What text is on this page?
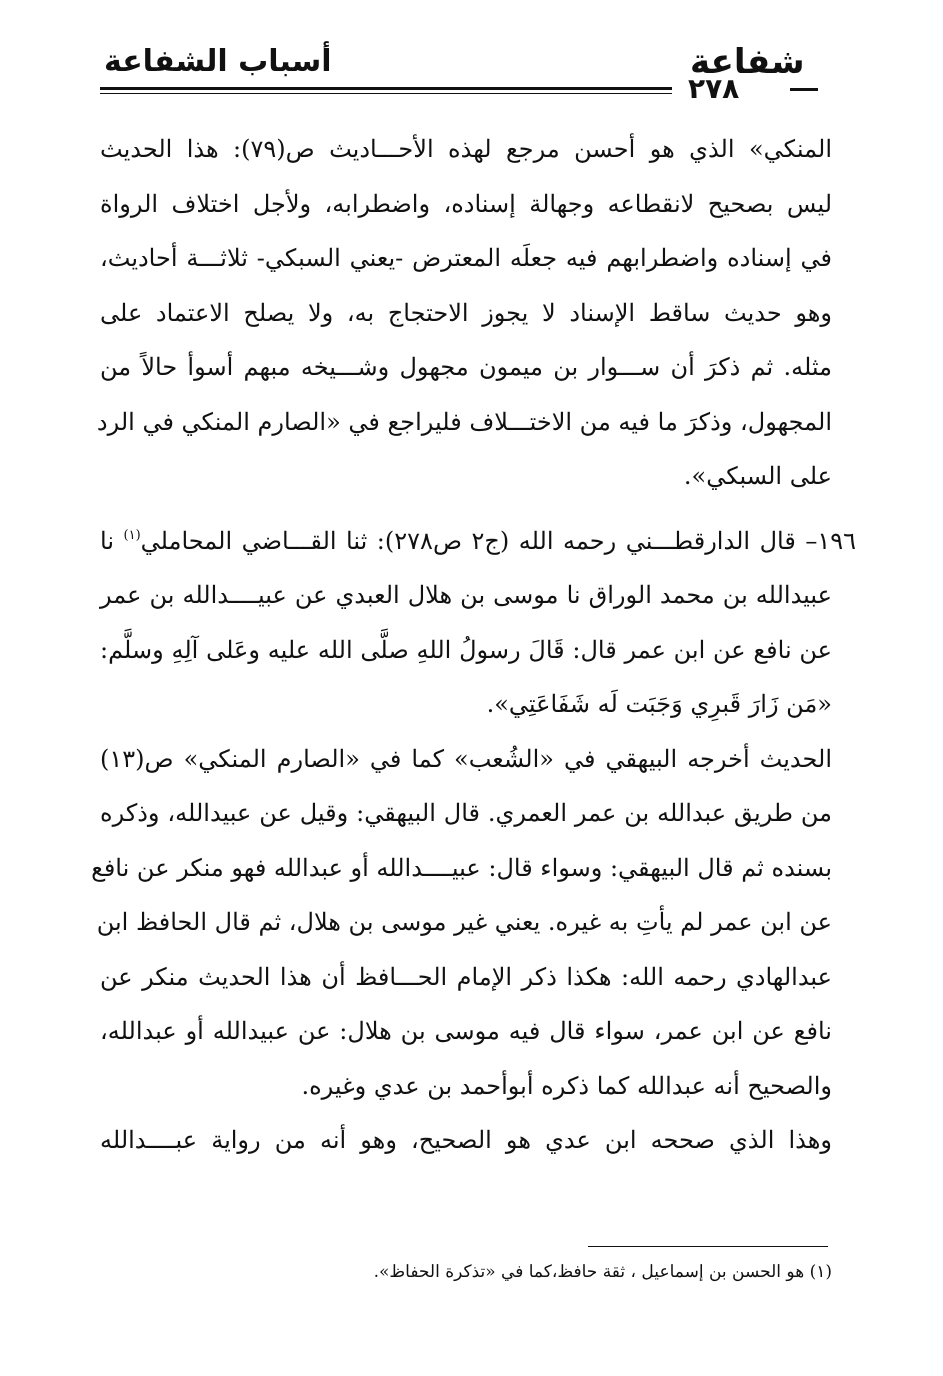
شفاعة
٢٧٨
أسباب الشفاعة
المنكي» الذي هو أحسن مرجع لهذه الأحـــاديث ص(٧٩): هذا الحديث
ليس بصحيح لانقطاعه وجهالة إسناده، واضطرابه، ولأجل اختلاف الرواة
في إسناده واضطرابهم فيه جعلَه المعترض -يعني السبكي- ثلاثـــة أحاديث،
وهو حديث ساقط الإسناد لا يجوز الاحتجاج به، ولا يصلح الاعتماد على
مثله. ثم ذكرَ أن ســـوار بن ميمون مجهول وشـــيخه مبهم أسوأ حالاً من
المجهول، وذكرَ ما فيه من الاختـــلاف فليراجع في «الصارم المنكي في الرد
على السبكي».
١٩٦– قال الدارقطـــني رحمه الله (ج٢ ص٢٧٨): ثنا القـــاضي المحاملي$^{(١)}$ نا
عبيدالله بن محمد الوراق نا موسى بن هلال العبدي عن عبيــــدالله بن عمر
عن نافع عن ابن عمر قال: قَالَ رسولُ اللهِ صلَّى الله عليه وعَلى آلِهِ وسلَّم:
«مَن زَارَ قَبرِي وَجَبَت لَه شَفَاعَتِي».
الحديث أخرجه البيهقي في «الشُعب» كما في «الصارم المنكي» ص(١٣)
من طريق عبدالله بن عمر العمري. قال البيهقي: وقيل عن عبيدالله، وذكره
بسنده ثم قال البيهقي: وسواء قال: عبيــــدالله أو عبدالله فهو منكر عن نافع
عن ابن عمر لم يأتِ به غيره. يعني غير موسى بن هلال، ثم قال الحافظ ابن
عبدالهادي رحمه الله: هكذا ذكر الإمام الحـــافظ أن هذا الحديث منكر عن
نافع عن ابن عمر، سواء قال فيه موسى بن هلال: عن عبيدالله أو عبدالله،
والصحيح أنه عبدالله كما ذكره أبوأحمد بن عدي وغيره.
وهذا الذي صححه ابن عدي هو الصحيح، وهو أنه من رواية عبــــدالله
(١) هو الحسن بن إسماعيل ، ثقة حافظ،كما في «تذكرة الحفاظ».
